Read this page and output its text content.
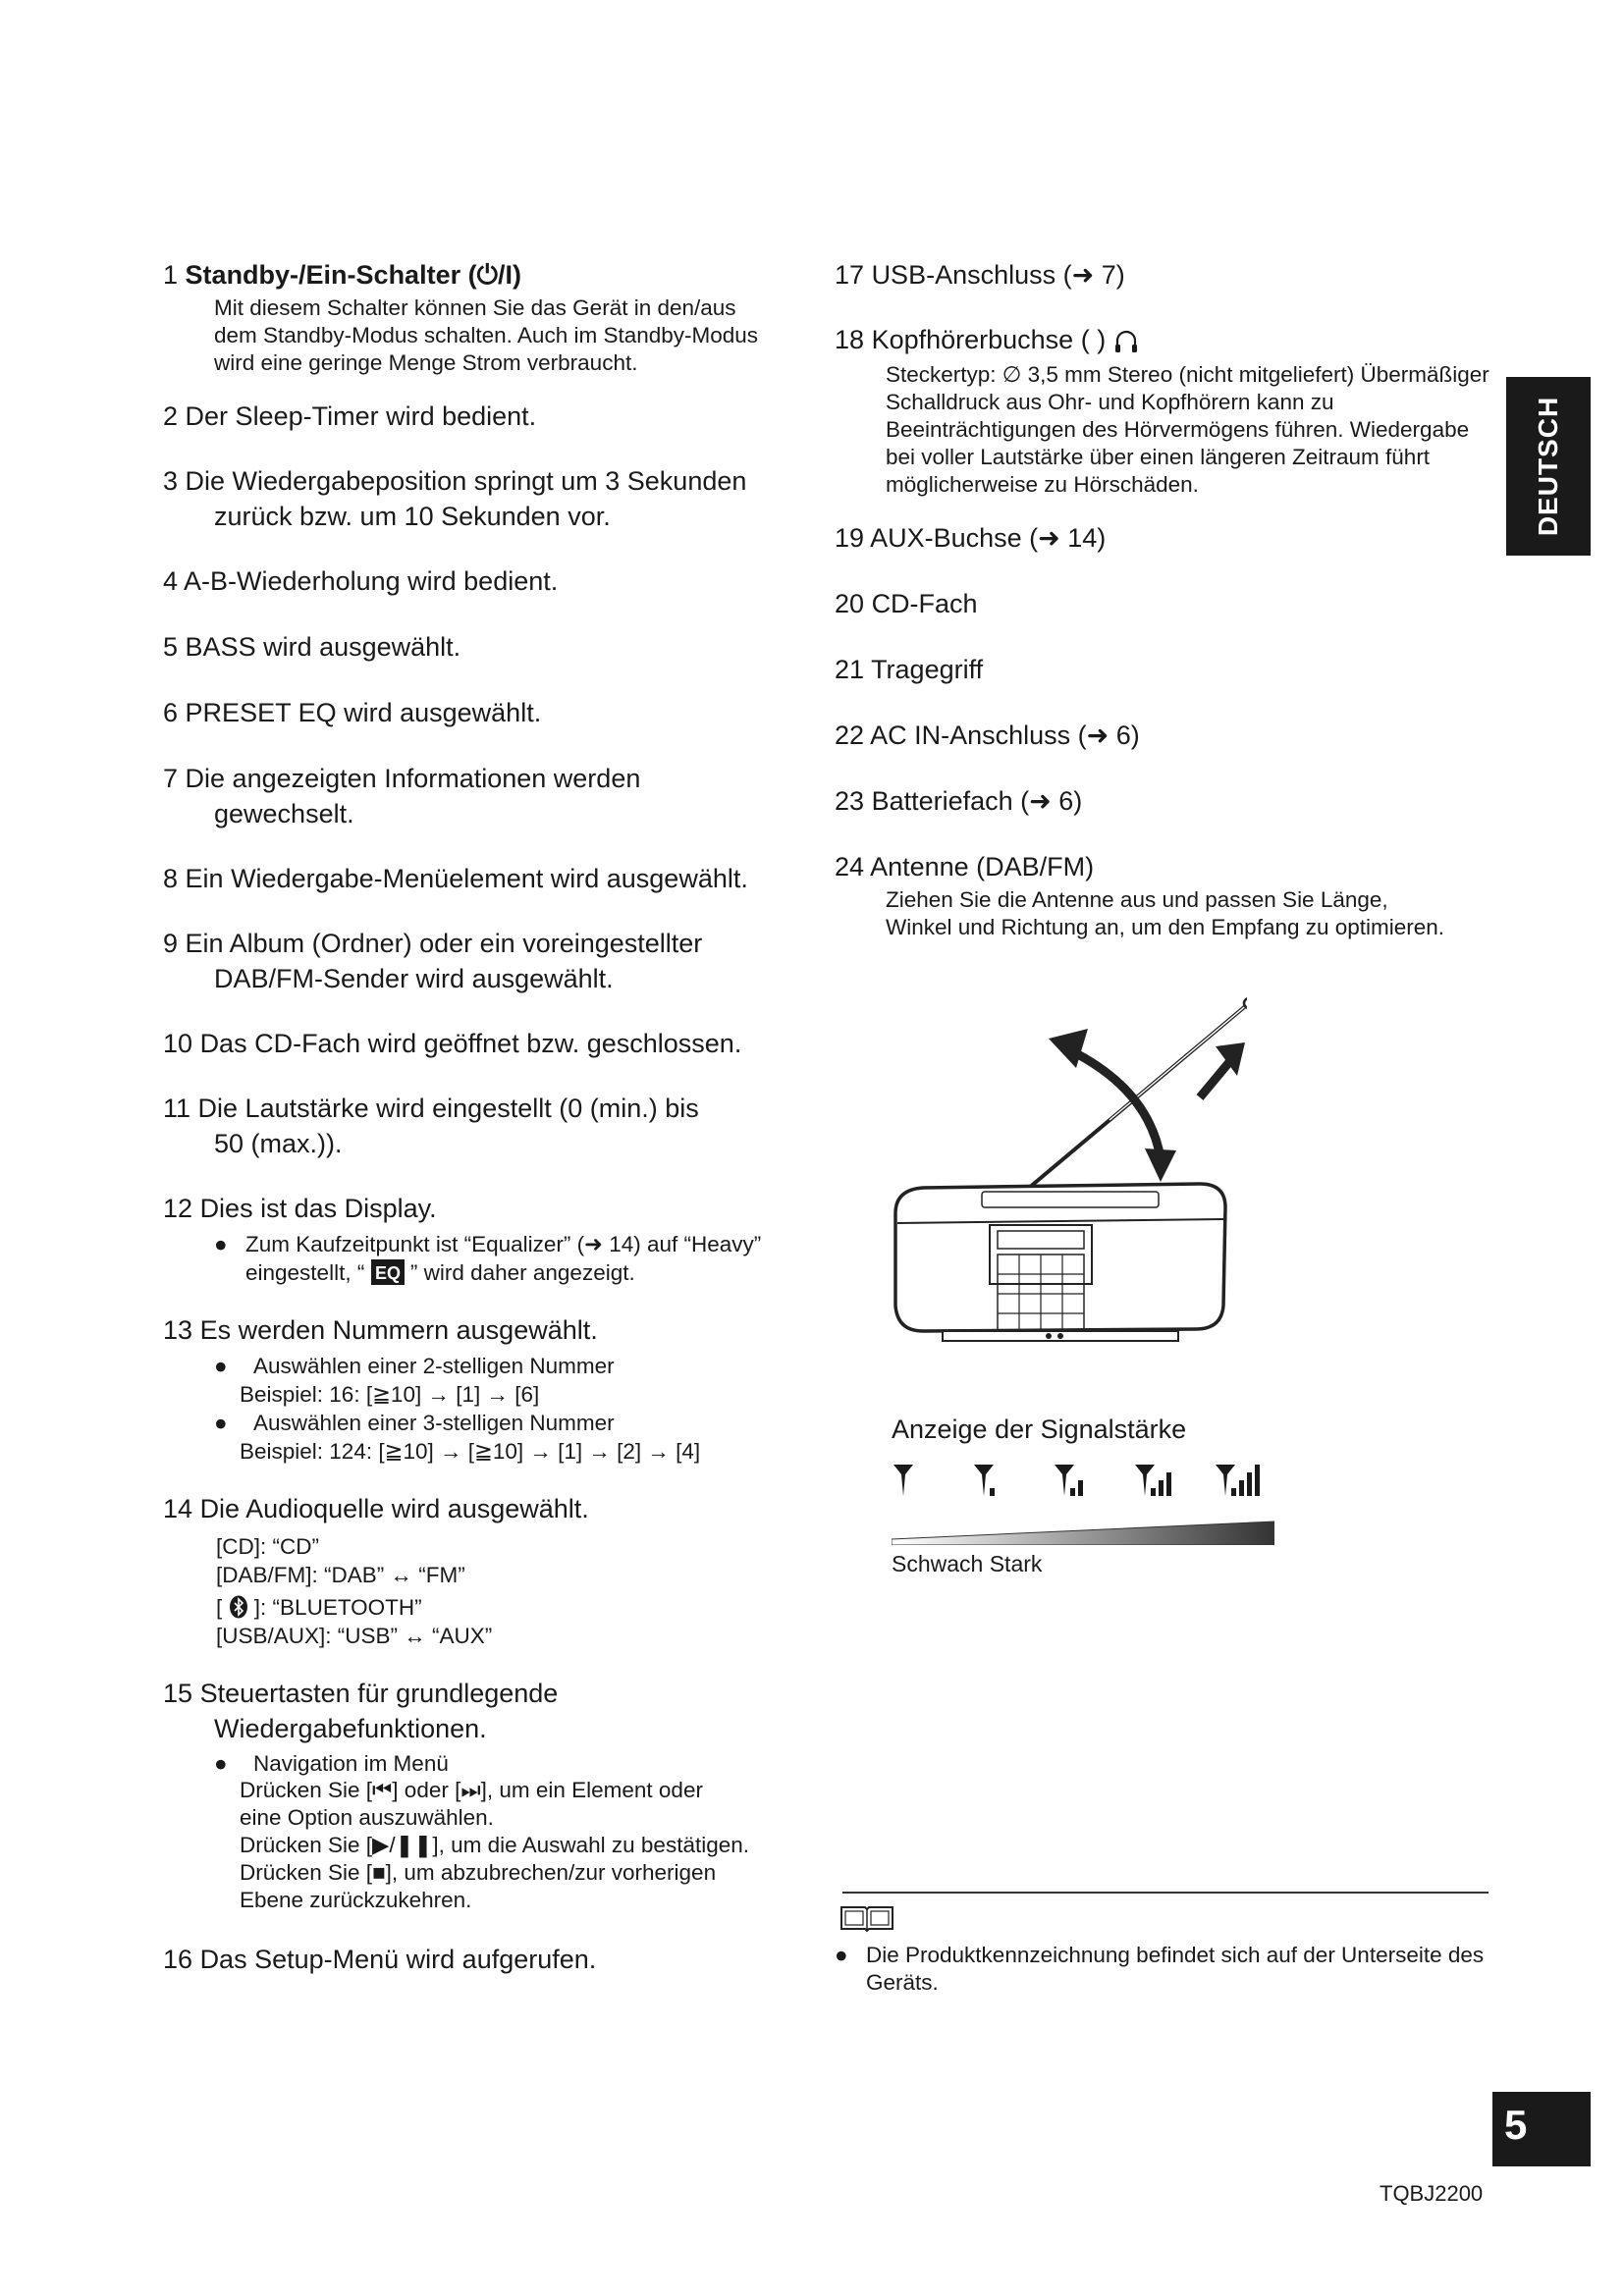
1 Standby-/Ein-Schalter (⏻/I)
Mit diesem Schalter können Sie das Gerät in den/aus dem Standby-Modus schalten. Auch im Standby-Modus wird eine geringe Menge Strom verbraucht.
2 Der Sleep-Timer wird bedient.
3 Die Wiedergabeposition springt um 3 Sekunden
zurück bzw. um 10 Sekunden vor.
4 A-B-Wiederholung wird bedient.
5 BASS wird ausgewählt.
6 PRESET EQ wird ausgewählt.
7 Die angezeigten Informationen werden
gewechselt.
8 Ein Wiedergabe-Menüelement wird ausgewählt.
9 Ein Album (Ordner) oder ein voreingestellter
DAB/FM-Sender wird ausgewählt.
10 Das CD-Fach wird geöffnet bzw. geschlossen.
11 Die Lautstärke wird eingestellt (0 (min.) bis
50 (max.)).
12 Dies ist das Display.
● Zum Kaufzeitpunkt ist “Equalizer” (➜ 14) auf “Heavy”
eingestellt, “ EQ ” wird daher angezeigt.
13 Es werden Nummern ausgewählt.
●	Auswählen einer 2-stelligen Nummer
Beispiel: 16: [≧10] → [1] → [6]
●	Auswählen einer 3-stelligen Nummer
Beispiel: 124: [≧10] → [≧10] → [1] → [2] → [4]
14 Die Audioquelle wird ausgewählt.
[CD]: “CD”
[DAB/FM]: “DAB” ↔ “FM”
[ ]: “BLUETOOTH”
[USB/AUX]: “USB” ↔ “AUX”
15 Steuertasten für grundlegende
Wiedergabefunktionen.
●	Navigation im Menü
Drücken Sie [⏮] oder [⏭], um ein Element oder
eine Option auszuwählen.
Drücken Sie [▶/❚❚], um die Auswahl zu bestätigen.
Drücken Sie [■], um abzubrechen/zur vorherigen
Ebene zurückzukehren.
16 Das Setup-Menü wird aufgerufen.
17 USB-Anschluss (➜ 7)
18 Kopfhörerbuchse ( )
Steckertyp: ∅ 3,5 mm Stereo (nicht mitgeliefert) Übermäßiger Schalldruck aus Ohr- und Kopfhörern kann zu Beeinträchtigungen des Hörvermögens führen. Wiedergabe bei voller Lautstärke über einen längeren Zeitraum führt möglicherweise zu Hörschäden.
19 AUX-Buchse (➜ 14)
20 CD-Fach
21 Tragegriff
22 AC IN-Anschluss (➜ 6)
23 Batteriefach (➜ 6)
24 Antenne (DAB/FM)
Ziehen Sie die Antenne aus und passen Sie Länge, Winkel und Richtung an, um den Empfang zu optimieren.
Anzeige der Signalstärke
Schwach Stark
● Die Produktkennzeichnung befindet sich auf der Unterseite des Geräts.
DEUTSCH
5
TQBJ2200
